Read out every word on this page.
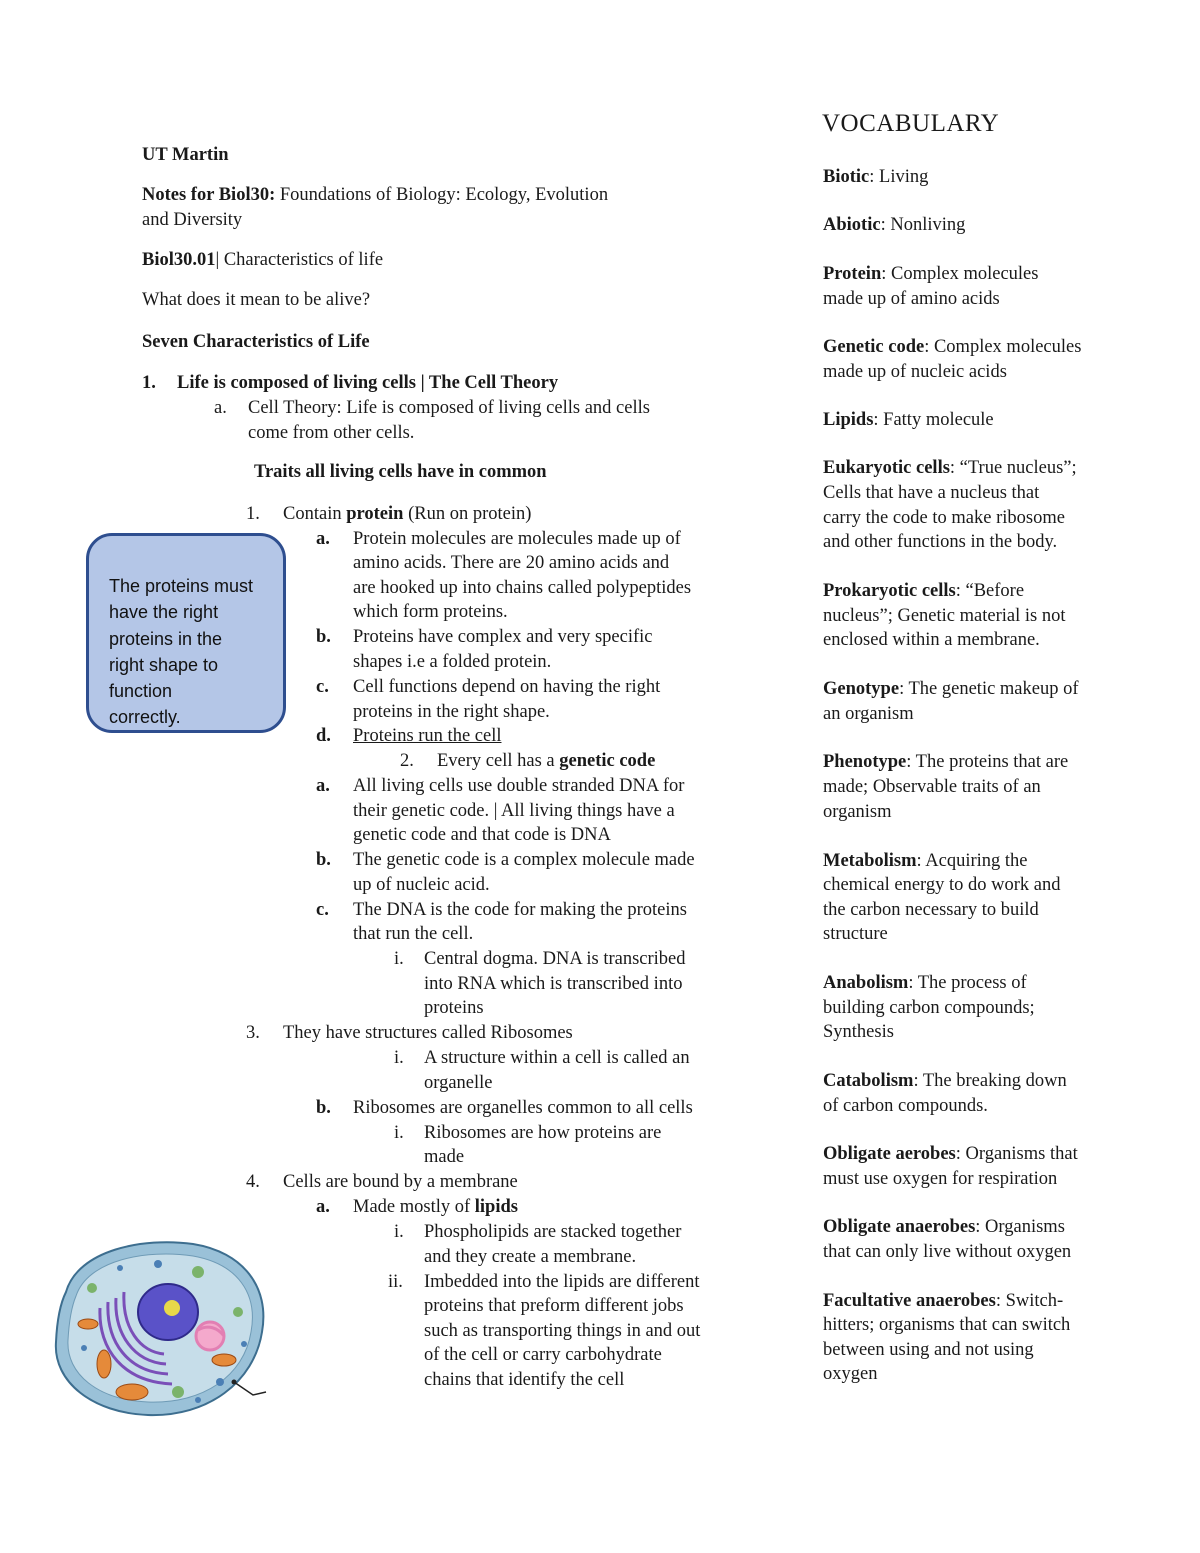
UT Martin
Notes for Biol30: Foundations of Biology: Ecology, Evolution
and Diversity
Biol30.01| Characteristics of life
What does it mean to be alive?
Seven Characteristics of Life
1. Life is composed of living cells | The Cell Theory
a. Cell Theory: Life is composed of living cells and cells
come from other cells.
Traits all living cells have in common
1. Contain protein (Run on protein)
a. Protein molecules are molecules made up of
amino acids. There are 20 amino acids and
are hooked up into chains called polypeptides
which form proteins.
b. Proteins have complex and very specific
shapes i.e a folded protein.
c. Cell functions depend on having the right
proteins in the right shape.
d. Proteins run the cell
2. Every cell has a genetic code
a. All living cells use double stranded DNA for
their genetic code. | All living things have a
genetic code and that code is DNA
b. The genetic code is a complex molecule made
up of nucleic acid.
c. The DNA is the code for making the proteins
that run the cell.
i. Central dogma. DNA is transcribed
into RNA which is transcribed into
proteins
3. They have structures called Ribosomes
i. A structure within a cell is called an
organelle
b. Ribosomes are organelles common to all cells
i. Ribosomes are how proteins are
made
4. Cells are bound by a membrane
a. Made mostly of lipids
i. Phospholipids are stacked together
and they create a membrane.
ii. Imbedded into the lipids are different
proteins that preform different jobs
such as transporting things in and out
of the cell or carry carbohydrate
chains that identify the cell
The proteins must
have the right
proteins in the
right shape to
function
correctly.
VOCABULARY
Biotic: Living
Abiotic: Nonliving
Protein: Complex molecules
made up of amino acids
Genetic code: Complex molecules
made up of nucleic acids
Lipids: Fatty molecule
Eukaryotic cells: “True nucleus”;
Cells that have a nucleus that
carry the code to make ribosome
and other functions in the body.
Prokaryotic cells: “Before
nucleus”; Genetic material is not
enclosed within a membrane.
Genotype: The genetic makeup of
an organism
Phenotype: The proteins that are
made; Observable traits of an
organism
Metabolism: Acquiring the
chemical energy to do work and
the carbon necessary to build
structure
Anabolism: The process of
building carbon compounds;
Synthesis
Catabolism: The breaking down
of carbon compounds.
Obligate aerobes: Organisms that
must use oxygen for respiration
Obligate anaerobes: Organisms
that can only live without oxygen
Facultative anaerobes: Switch-
hitters; organisms that can switch
between using and not using
oxygen
